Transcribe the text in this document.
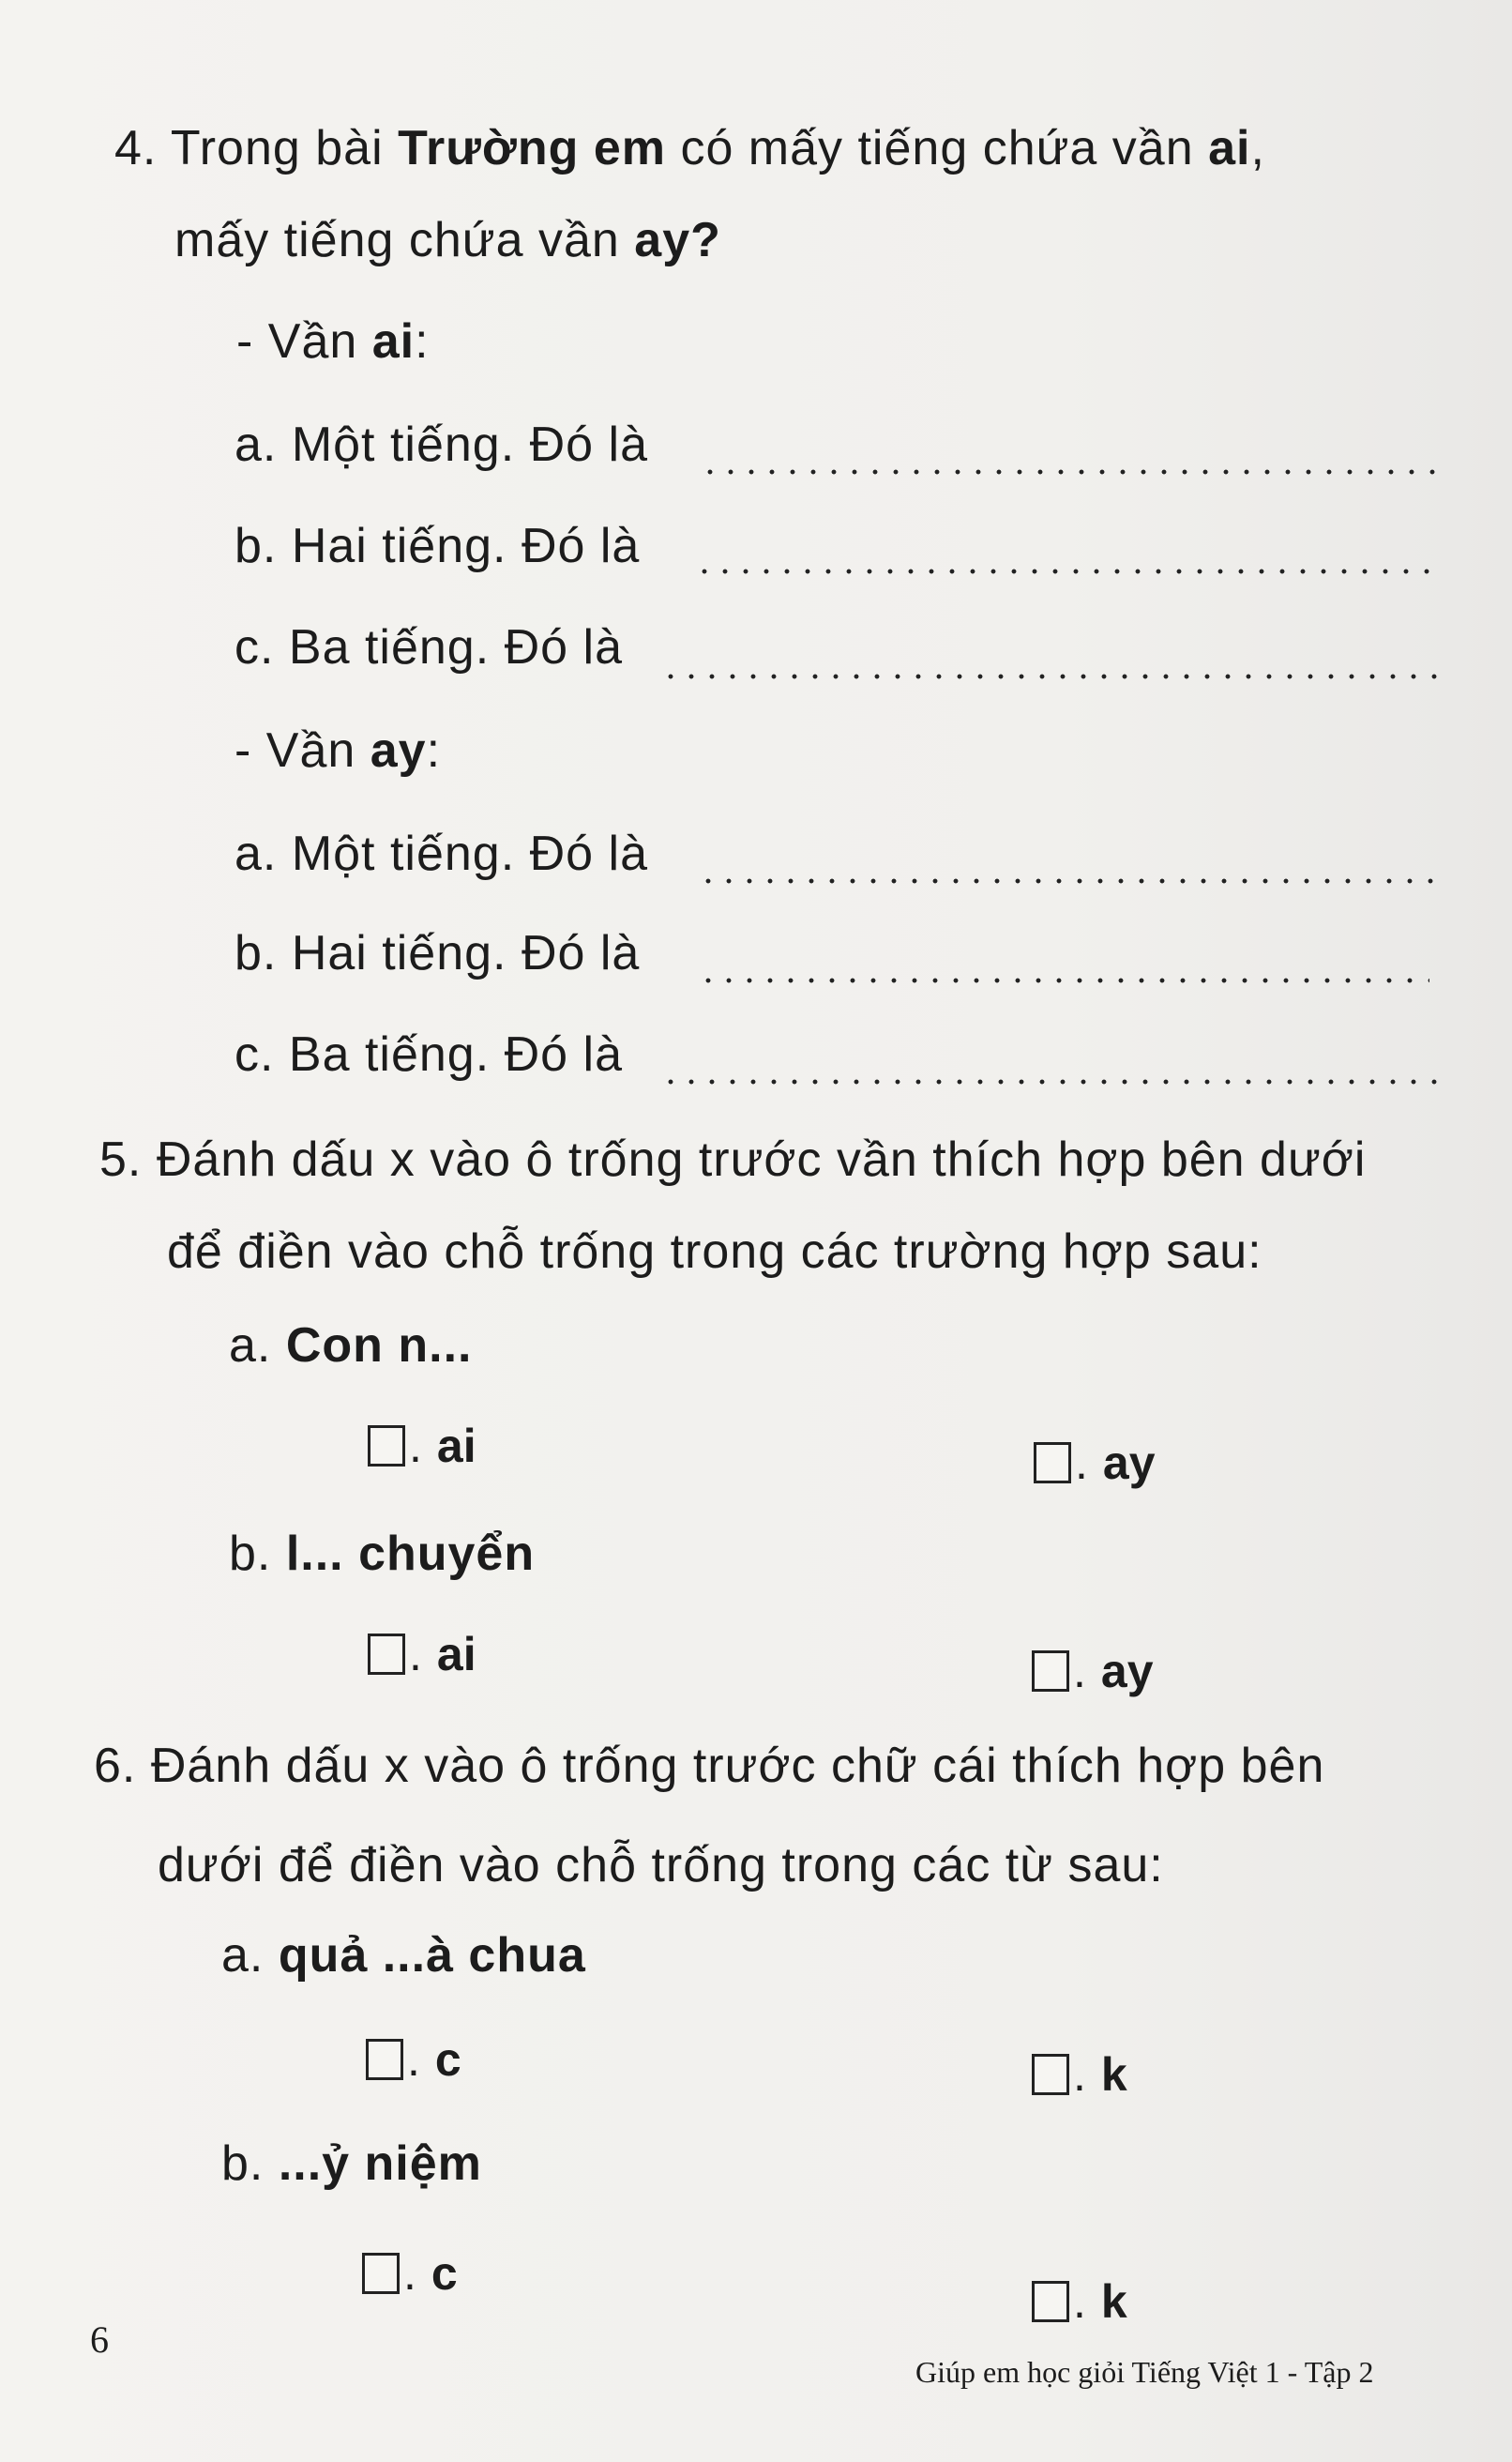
4. Trong bài Trường em có mấy tiếng chứa vần ai,
mấy tiếng chứa vần ay?
- Vần ai:
a. Một tiếng. Đó là
b. Hai tiếng. Đó là
c. Ba tiếng. Đó là
- Vần ay:
a. Một tiếng. Đó là
b. Hai tiếng. Đó là
c. Ba tiếng. Đó là
5. Đánh dấu x vào ô trống trước vần thích hợp bên dưới
để điền vào chỗ trống trong các trường hợp sau:
a. Con n...
. ai	. ay
b. l... chuyển
. ai	. ay
6. Đánh dấu x vào ô trống trước chữ cái thích hợp bên
dưới để điền vào chỗ trống trong các từ sau:
a. quả ...à chua
. c	. k
b. ...ỷ niệm
. c
. k
6
Giúp em học giỏi Tiếng Việt 1 - Tập 2
